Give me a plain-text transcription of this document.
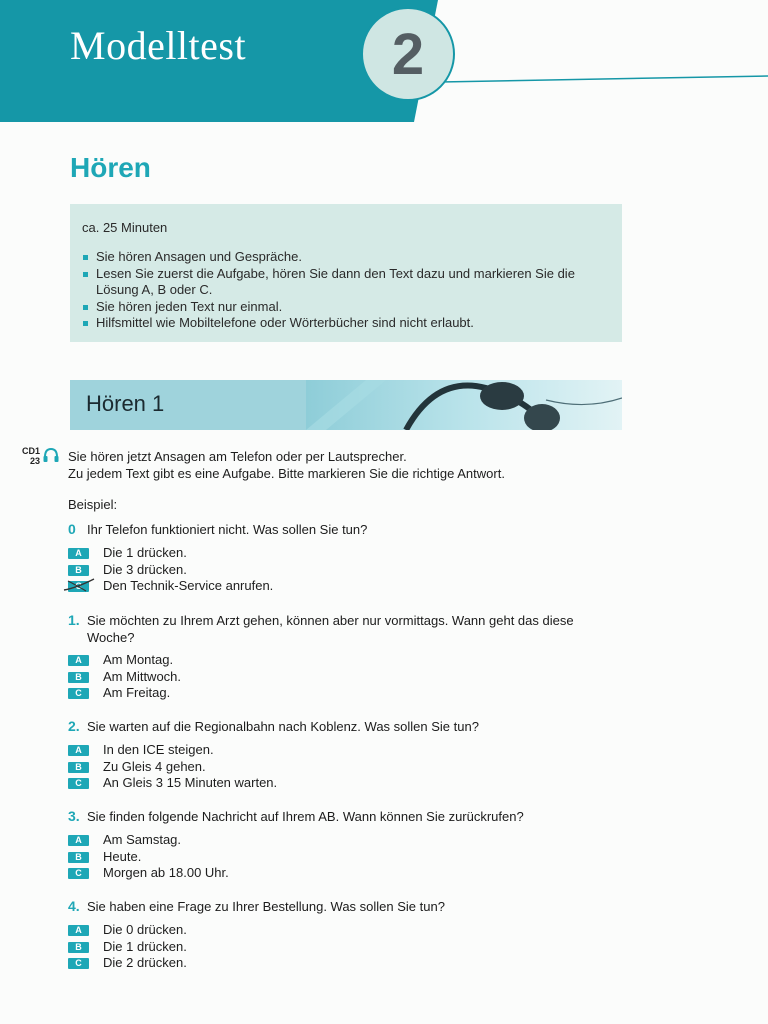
Modelltest	2
Hören
ca. 25 Minuten
Sie hören Ansagen und Gespräche.
Lesen Sie zuerst die Aufgabe, hören Sie dann den Text dazu und markieren Sie die Lösung A, B oder C.
Sie hören jeden Text nur einmal.
Hilfsmittel wie Mobiltelefone oder Wörterbücher sind nicht erlaubt.
Hören 1
CD1
23 Sie hören jetzt Ansagen am Telefon oder per Lautsprecher.
Zu jedem Text gibt es eine Aufgabe. Bitte markieren Sie die richtige Antwort.
Beispiel:
0 Ihr Telefon funktioniert nicht. Was sollen Sie tun?
A	Die 1 drücken.
B	Die 3 drücken.
C	Den Technik-Service anrufen.
1. Sie möchten zu Ihrem Arzt gehen, können aber nur vormittags. Wann geht das diese Woche?
A	Am Montag.
B	Am Mittwoch.
C	Am Freitag.
2. Sie warten auf die Regionalbahn nach Koblenz. Was sollen Sie tun?
A	In den ICE steigen.
B	Zu Gleis 4 gehen.
C	An Gleis 3 15 Minuten warten.
3. Sie finden folgende Nachricht auf Ihrem AB. Wann können Sie zurückrufen?
A	Am Samstag.
B	Heute.
C	Morgen ab 18.00 Uhr.
4. Sie haben eine Frage zu Ihrer Bestellung. Was sollen Sie tun?
A	Die 0 drücken.
B	Die 1 drücken.
C	Die 2 drücken.
